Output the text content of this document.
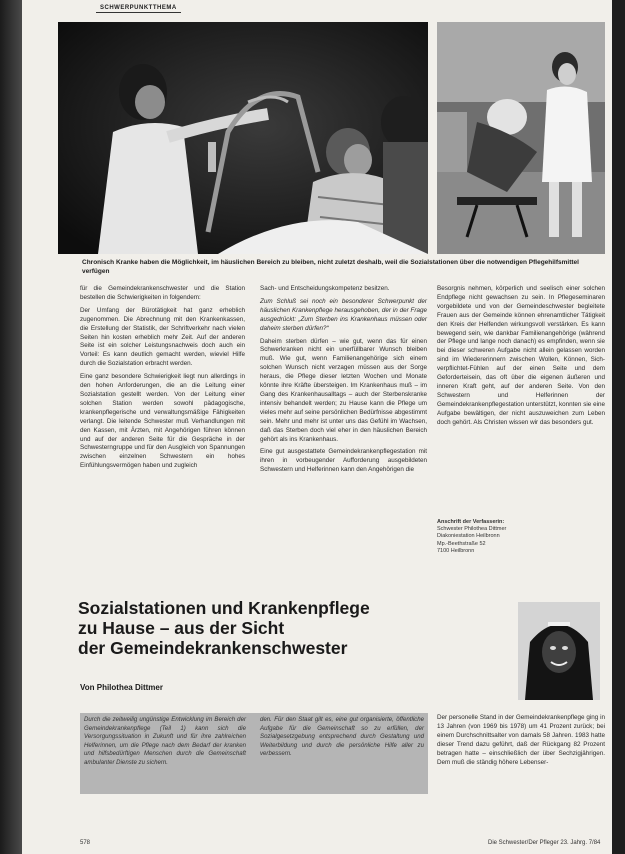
SCHWERPUNKTTHEMA
Chronisch Kranke haben die Möglichkeit, im häuslichen Bereich zu bleiben, nicht zuletzt deshalb, weil die Sozialstationen über die notwendigen Pflegehilfsmittel verfügen

für die Gemeindekrankenschwester und die Station bestellen die Schwierigkeiten in folgendem:

Der Umfang der Bürotätigkeit hat ganz erheblich zugenommen. Die Abrechnung mit den Krankenkassen, die Erstellung der Statistik, der Schriftverkehr nach vielen Seiten hin kosten erheblich mehr Zeit. Auf der anderen Seite ist ein solcher Leistungsnachweis doch auch ein Vorteil: Es kann deutlich gemacht werden, wieviel Hilfe durch die Sozialstation erbracht werden.

Eine ganz besondere Schwierigkeit liegt nun allerdings in den hohen Anforderungen, die an die Leitung einer Sozialstation gestellt werden. Von der Leitung einer solchen Station werden sowohl pädagogische, krankenpflegerische und verwaltungsmäßige Fähigkeiten verlangt. Die leitende Schwester muß Verhandlungen mit den Kassen, mit Ärzten, mit Angehörigen führen können und auf der anderen Seite für die Gespräche in der Schwesterngruppe und für den Ausgleich von Spannungen zwischen einzelnen Schwestern ein hohes Einfühlungsvermögen haben und zugleich

Sach- und Entscheidungskompetenz besitzen.

Zum Schluß sei noch ein besonderer Schwerpunkt der häuslichen Krankenpflege herausgehoben, der in der Frage ausgedrückt: „Zum Sterben ins Krankenhaus müssen oder daheim sterben dürfen?“

Daheim sterben dürfen – wie gut, wenn das für einen Schwerkranken nicht ein unerfüllbarer Wunsch bleiben muß. Wie gut, wenn Familienangehörige sich einem solchen Wunsch nicht verzagen müssen aus der Sorge heraus, die Pflege dieser letzten Wochen und Monate könnte ihre Kräfte übersteigen. Im Krankenhaus muß – im Gang des Krankenhausalltags – auch der Sterbenskranke intensiv behandelt werden; zu Hause kann die Pflege um vieles mehr auf seine persönlichen Bedürfnisse abgestimmt sein. Mehr und mehr ist unter uns das Gefühl im Wachsen, daß das Sterben doch viel eher in den häuslichen Bereich gehört als ins Krankenhaus.

Eine gut ausgestattete Gemeindekrankenpflegestation mit ihren in vorbeugender Aufforderung ausgebildeten Schwestern und Helferinnen kann den Angehörigen die

Besorgnis nehmen, körperlich und seelisch einer solchen Endpflege nicht gewachsen zu sein. In Pflegeseminaren vorgebildete und von der Gemeindeschwester begleitete Frauen aus der Gemeinde können ehrenamtlicher Tätigkeit den Kreis der Helfenden wirkungsvoll verstärken. Es kann bewegend sein, wie dankbar Familienangehörige (während der Pflege und lange noch danach) es empfinden, wenn sie bei dieser schweren Aufgabe nicht allein gelassen worden sind im Wiedererinnern zwischen Wollen, Können, Sich-verpflichtet-Fühlen auf der einen Seite und dem Geforderteisein, das oft über die eigenen äußeren und inneren Kraft geht, auf der anderen Seite. Von den Schwestern und Helferinnen der Gemeindekrankenpflegestation unterstützt, konnten sie eine Aufgabe bewältigen, der nicht auszuweichen zum Leben doch gehört. Als Christen wissen wir das besonders gut.

Anschrift der Verfasserin:
Schwester Philothea Dittmer
Diakoniestation Heilbronn
Mp.-Beethstraße 52
7100 Heilbronn
Sozialstationen und Krankenpflege
zu Hause – aus der Sicht
der Gemeindekrankenschwester
Von Philothea Dittmer
Durch die zeitweilig ungünstige Entwicklung im Bereich der Gemeindekrankenpflege (Teil 1) kann sich die Versorgungssituation in Zukunft und für ihre zahlreichen Helferinnen, um die Pflege nach dem Bedarf der kranken und hilfsbedürftigen Menschen durch die Gemeinschaft ambulanter Dienste zu sichern.
den. Für den Staat gilt es, eine gut organisierte, öffentliche Aufgabe für die Gemeinschaft so zu erfüllen, der Sozialgesetzgebung entsprechend durch Gestaltung und Weiterbildung und durch die persönliche Hilfe aller zu verbessern.
Der personelle Stand in der Gemeindekrankenpflege ging in 13 Jahren (von 1969 bis 1978) um 41 Prozent zurück; bei einem Durchschnittsalter von damals 58 Jahren. 1983 hatte dieser Trend dazu geführt, daß der Rückgang 82 Prozent betragen hatte – einschließlich der über Sechzigjährigen. Dem muß die ständig höhere Lebenser-
578	Die Schwester/Der Pfleger 23. Jahrg. 7/84
